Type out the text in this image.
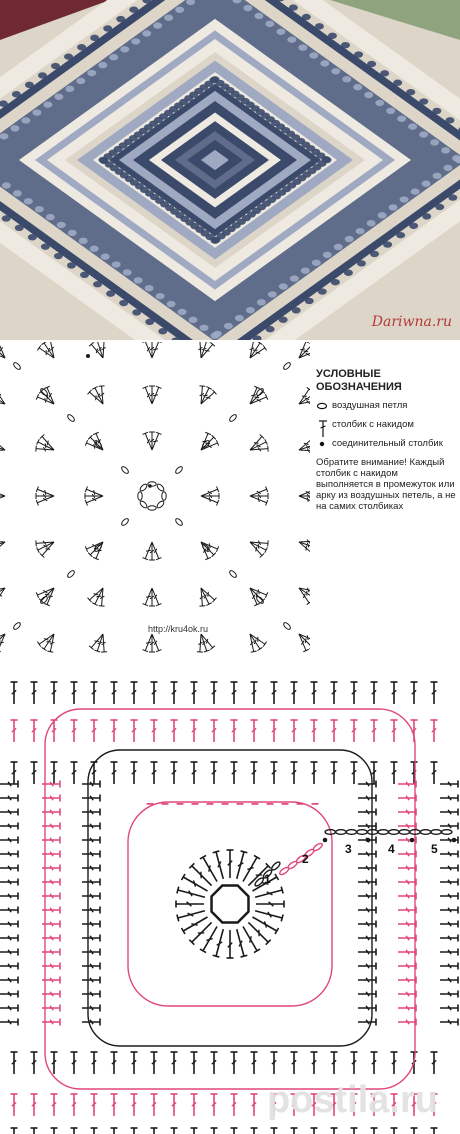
Dariwna.ru
УСЛОВНЫЕ ОБОЗНАЧЕНИЯ
воздушная петля
столбик с накидом
соединительный столбик
Обратите внимание! Каждый столбик с накидом выполняется в промежуток или арку из воздушных петель, а не на самих столбиках
http://kru4ok.ru
1
2
3	4	5
postila.ru
